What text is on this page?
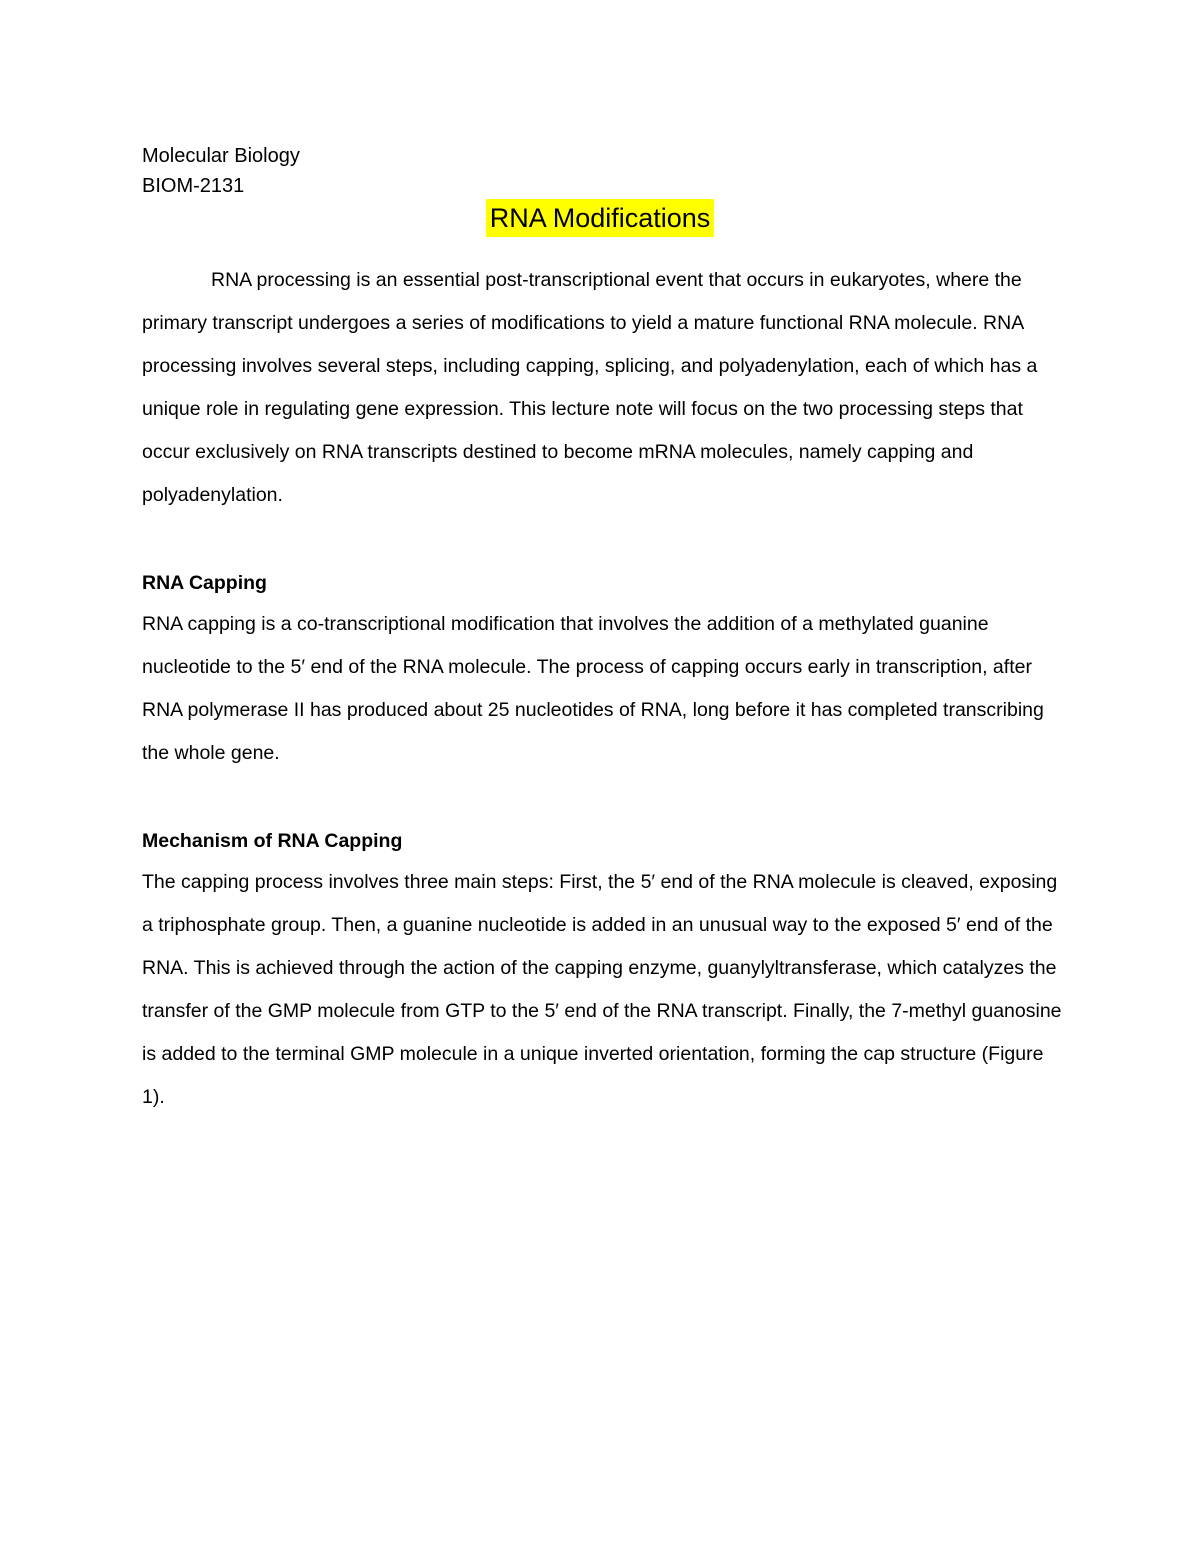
Molecular Biology
BIOM-2131
RNA Modifications

RNA processing is an essential post-transcriptional event that occurs in eukaryotes, where the primary transcript undergoes a series of modifications to yield a mature functional RNA molecule. RNA processing involves several steps, including capping, splicing, and polyadenylation, each of which has a unique role in regulating gene expression. This lecture note will focus on the two processing steps that occur exclusively on RNA transcripts destined to become mRNA molecules, namely capping and polyadenylation.

RNA Capping

RNA capping is a co-transcriptional modification that involves the addition of a methylated guanine nucleotide to the 5′ end of the RNA molecule. The process of capping occurs early in transcription, after RNA polymerase II has produced about 25 nucleotides of RNA, long before it has completed transcribing the whole gene.

Mechanism of RNA Capping

The capping process involves three main steps: First, the 5′ end of the RNA molecule is cleaved, exposing a triphosphate group. Then, a guanine nucleotide is added in an unusual way to the exposed 5′ end of the RNA. This is achieved through the action of the capping enzyme, guanylyltransferase, which catalyzes the transfer of the GMP molecule from GTP to the 5′ end of the RNA transcript. Finally, the 7-methyl guanosine is added to the terminal GMP molecule in a unique inverted orientation, forming the cap structure (Figure 1).
